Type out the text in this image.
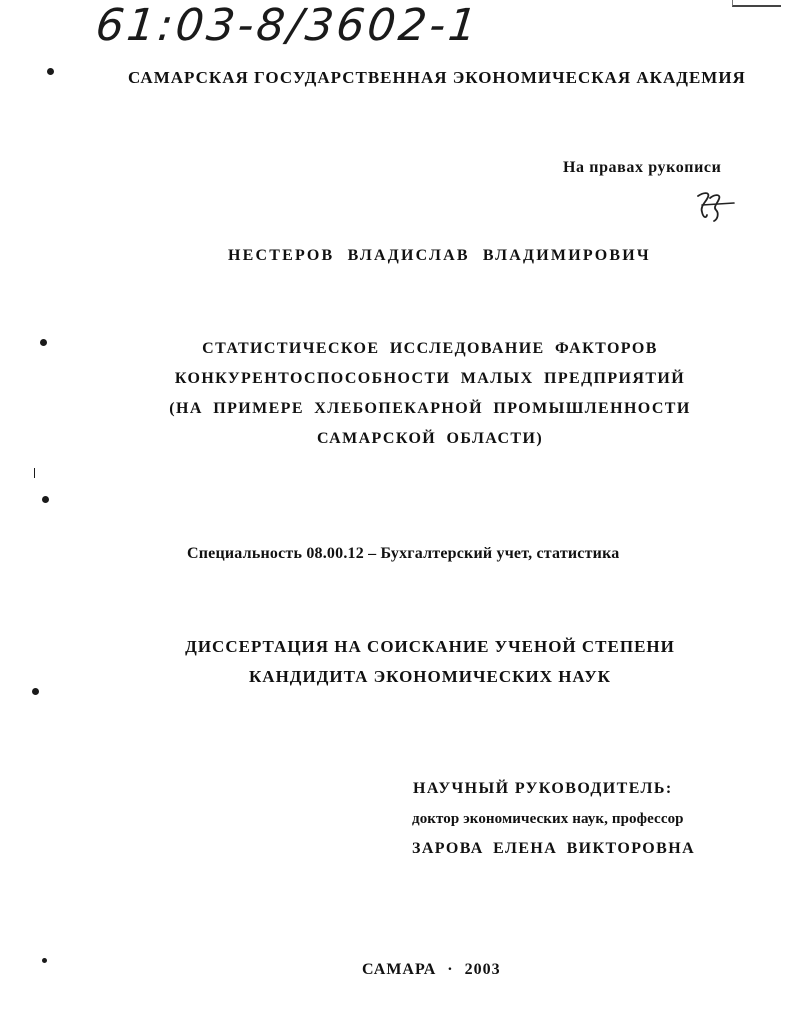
61:03-8/3602-1
САМАРСКАЯ ГОСУДАРСТВЕННАЯ ЭКОНОМИЧЕСКАЯ АКАДЕМИЯ
На правах рукописи
НЕСТЕРОВ ВЛАДИСЛАВ ВЛАДИМИРОВИЧ
СТАТИСТИЧЕСКОЕ ИССЛЕДОВАНИЕ ФАКТОРОВ
КОНКУРЕНТОСПОСОБНОСТИ МАЛЫХ ПРЕДПРИЯТИЙ
(НА ПРИМЕРЕ ХЛЕБОПЕКАРНОЙ ПРОМЫШЛЕННОСТИ
САМАРСКОЙ ОБЛАСТИ)
Специальность 08.00.12 – Бухгалтерский учет, статистика
ДИССЕРТАЦИЯ НА СОИСКАНИЕ УЧЕНОЙ СТЕПЕНИ
КАНДИДИТА ЭКОНОМИЧЕСКИХ НАУК
НАУЧНЫЙ РУКОВОДИТЕЛЬ:
доктор экономических наук, профессор
ЗАРОВА ЕЛЕНА ВИКТОРОВНА
САМАРА · 2003
